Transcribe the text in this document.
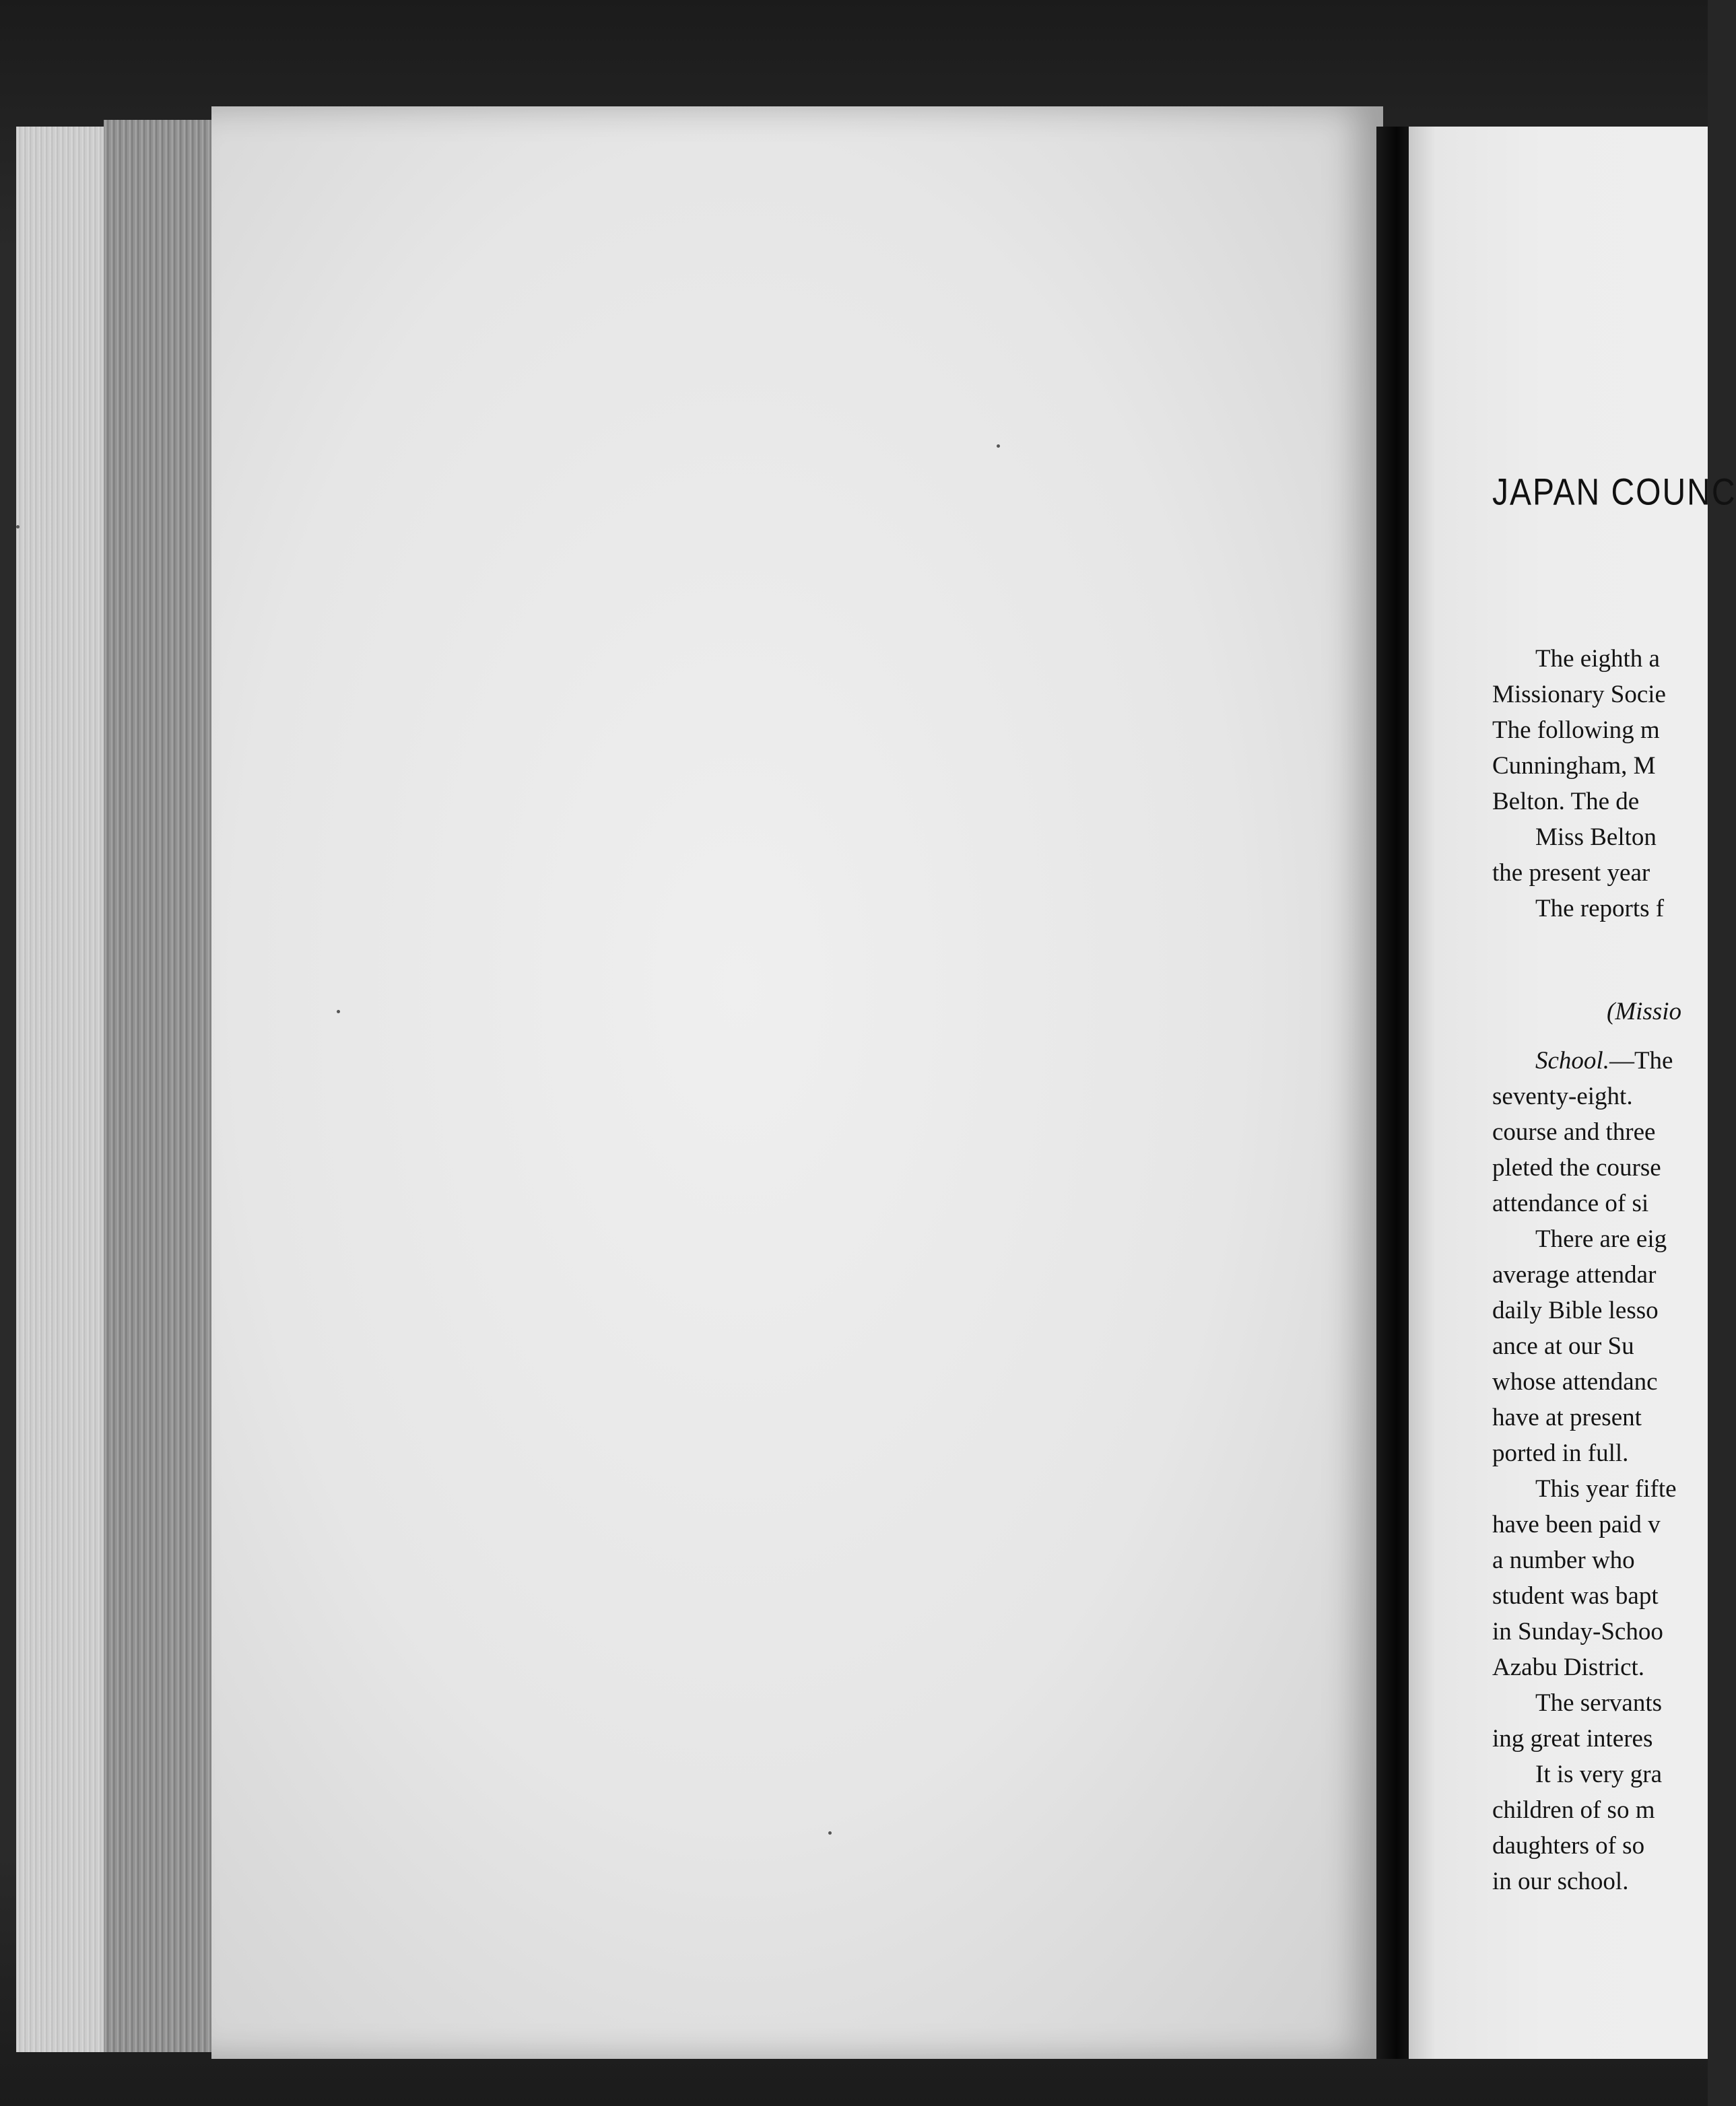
JAPAN COUNC
The eighth a
Missionary Socie
The following m
Cunningham, M
Belton. The de
Miss Belton
the present year
The reports f
(Missio
School.—The
seventy-eight.
course and three
pleted the course
attendance of si
There are eig
average attendar
daily Bible lesso
ance at our Su
whose attendanc
have at present
ported in full.
This year fifte
have been paid v
a number who
student was bapt
in Sunday-Schoo
Azabu District.
The servants
ing great interes
It is very gra
children of so m
daughters of so
in our school.
